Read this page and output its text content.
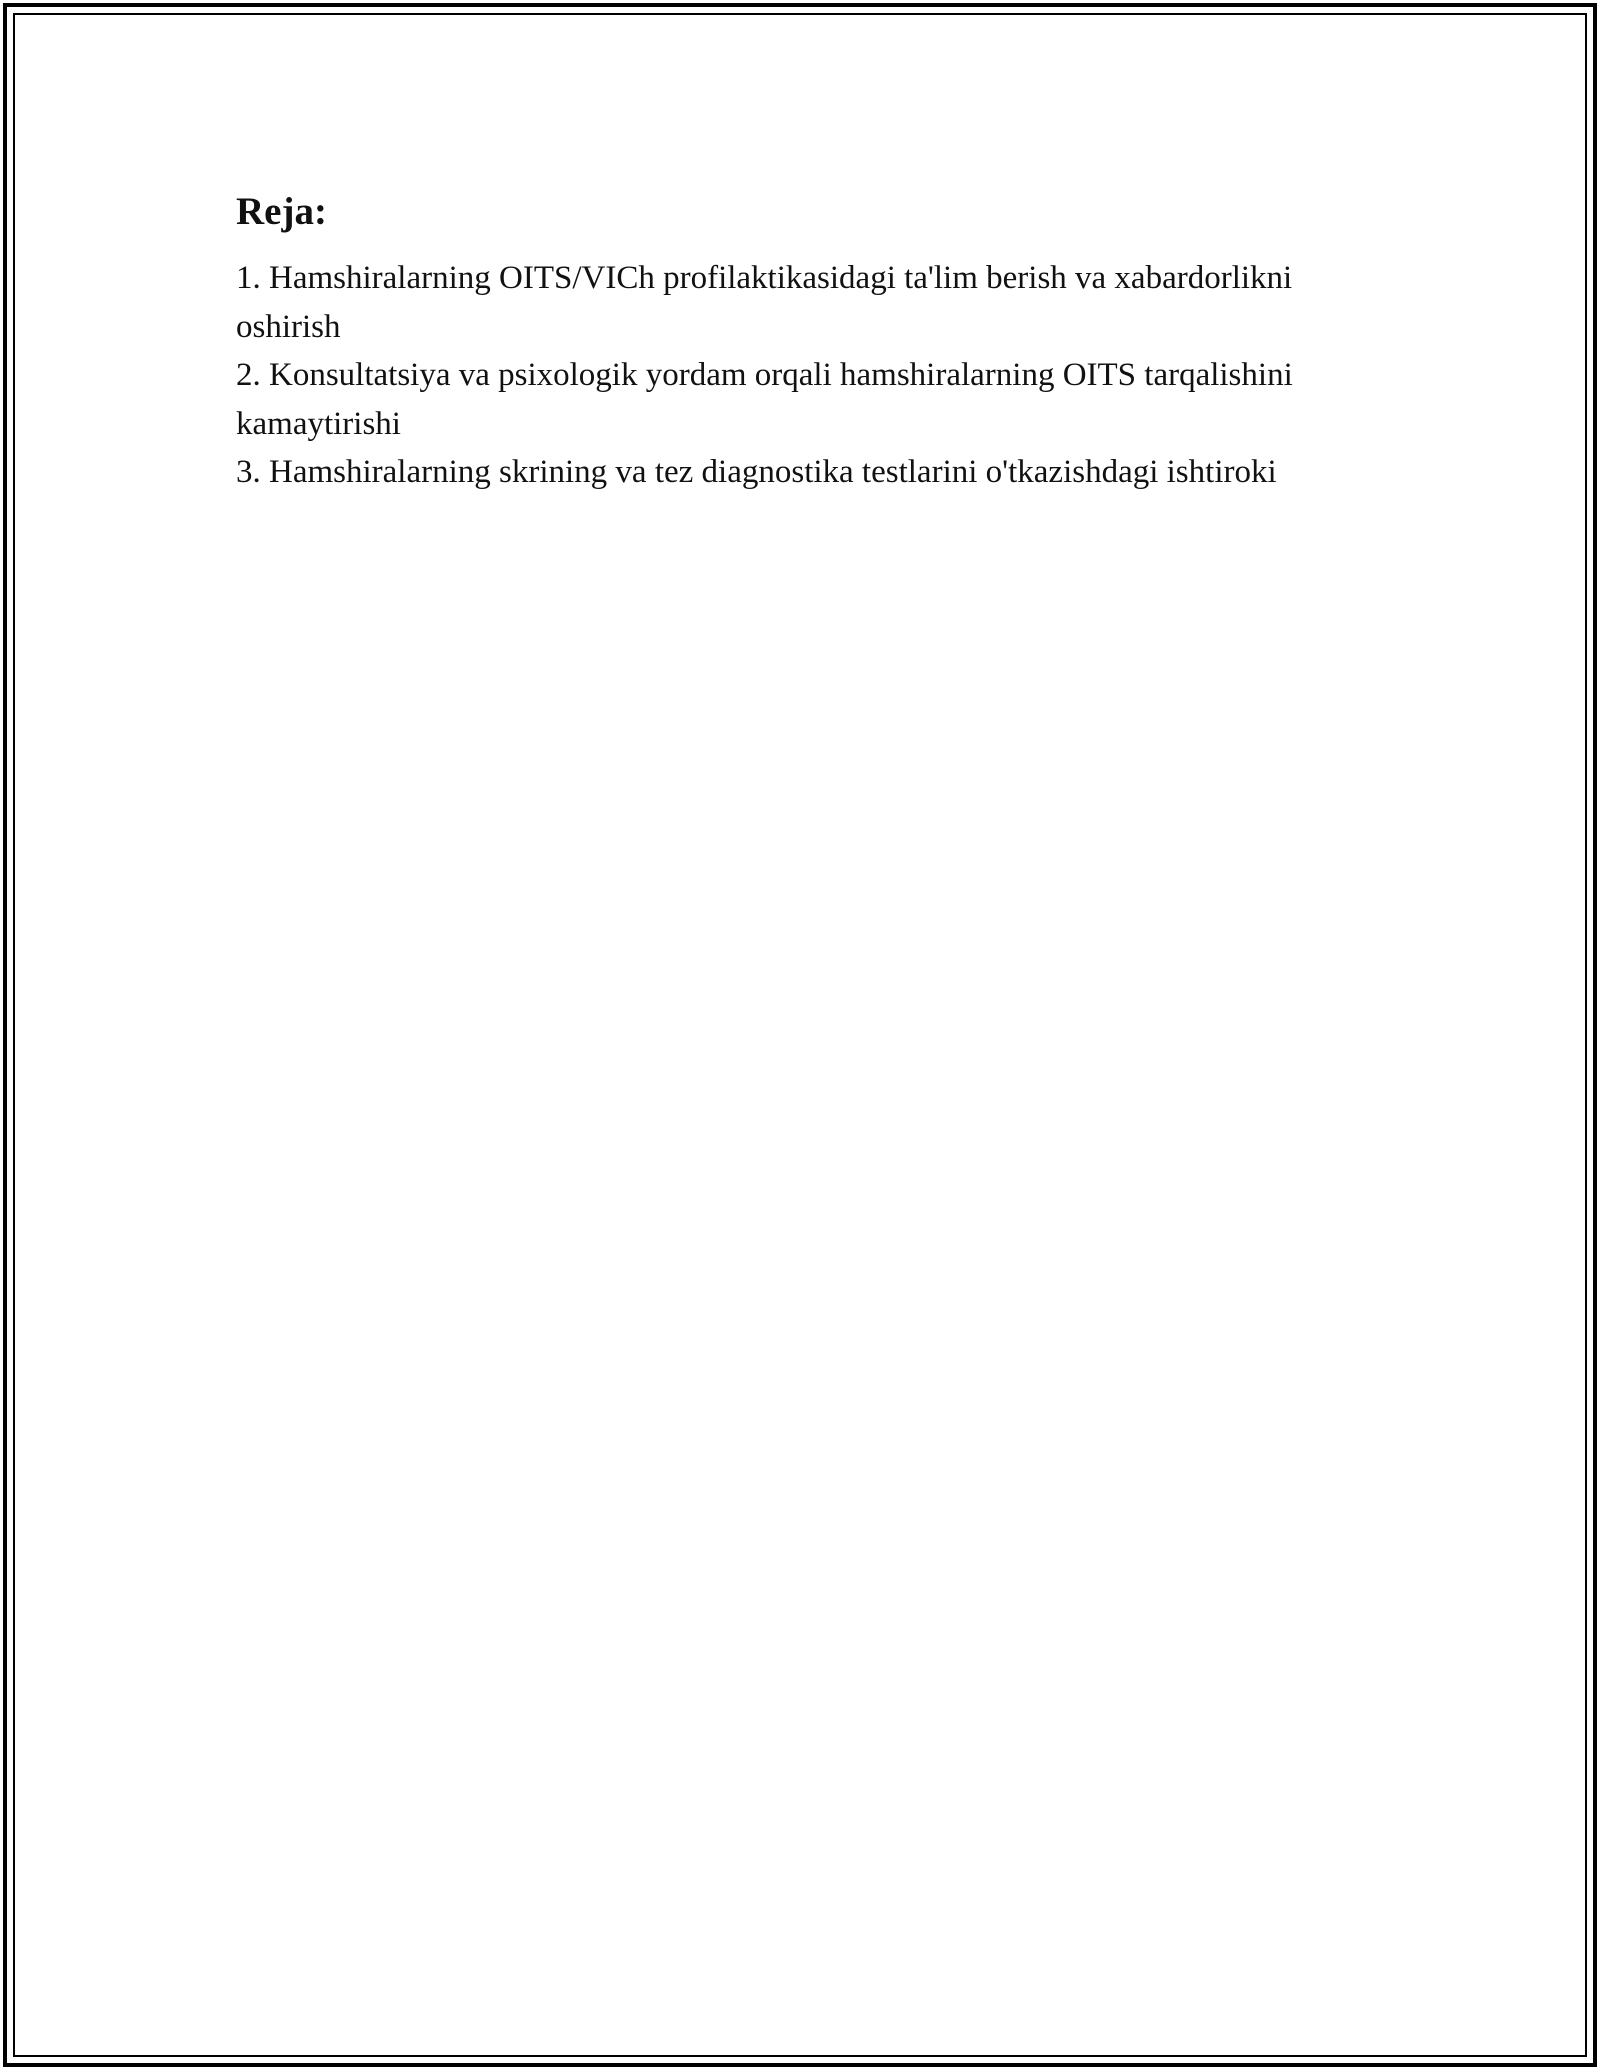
Reja:
1. Hamshiralarning OITS/VICh profilaktikasidagi ta'lim berish va xabardorlikni oshirish
2. Konsultatsiya va psixologik yordam orqali hamshiralarning OITS tarqalishini kamaytirishi
3. Hamshiralarning skrining va tez diagnostika testlarini o'tkazishdagi ishtiroki
